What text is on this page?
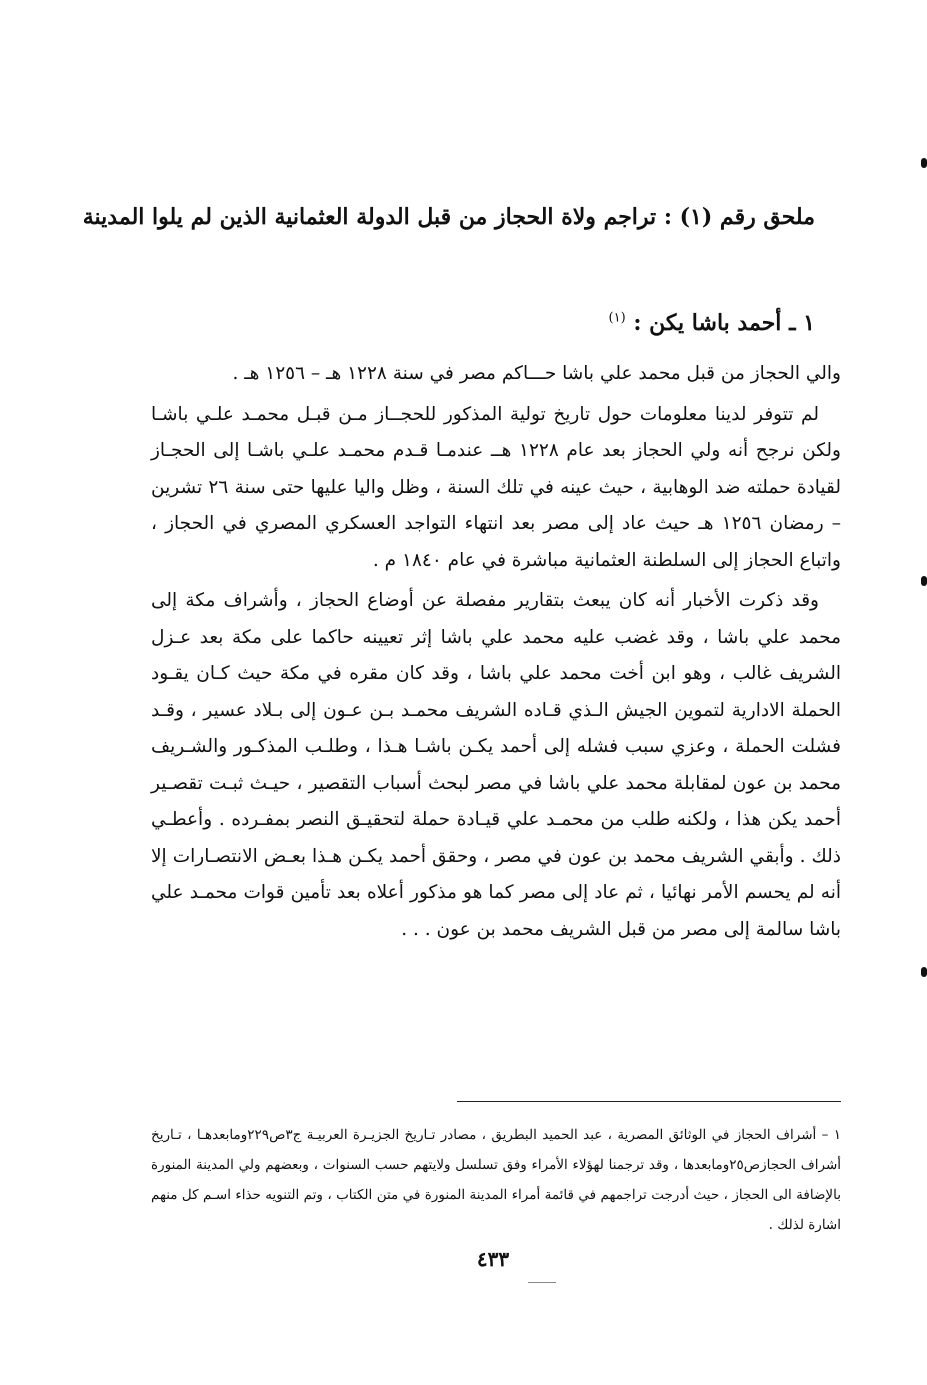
ملحق رقم (١) : تراجم ولاة الحجاز من قبل الدولة العثمانية الذين لم يلوا المدينة
١ ـ أحمد باشا يكن : $^{(١)}$

والي الحجاز من قبل محمد علي باشا حـــاكم مصر في سنة ١٢٢٨ هـ – ١٢٥٦ هـ .

لم تتوفر لدينا معلومات حول تاريخ تولية المذكور للحجــاز مـن قبـل محمـد علـي باشـا ولكن نرجح أنه ولي الحجاز بعد عام ١٢٢٨ هــ عندمـا قـدم محمـد علـي باشـا إلى الحجـاز لقيادة حملته ضد الوهابية ، حيث عينه في تلك السنة ، وظل واليا عليها حتى سنة ٢٦ تشرين – رمضان ١٢٥٦ هـ حيث عاد إلى مصر بعد انتهاء التواجد العسكري المصري في الحجاز ، واتباع الحجاز إلى السلطنة العثمانية مباشرة في عام ١٨٤٠ م .

وقد ذكرت الأخبار أنه كان يبعث بتقارير مفصلة عن أوضاع الحجاز ، وأشراف مكة إلى محمد علي باشا ، وقد غضب عليه محمد علي باشا إثر تعيينه حاكما على مكة بعد عـزل الشريف غالب ، وهو ابن أخت محمد علي باشا ، وقد كان مقره في مكة حيث كـان يقـود الحملة الادارية لتموين الجيش الـذي قـاده الشريف محمـد بـن عـون إلى بـلاد عسير ، وقـد فشلت الحملة ، وعزي سبب فشله إلى أحمد يكـن باشـا هـذا ، وطلـب المذكـور والشـريف محمد بن عون لمقابلة محمد علي باشا في مصر لبحث أسباب التقصير ، حيـث ثبـت تقصـير أحمد يكن هذا ، ولكنه طلب من محمـد علي قيـادة حملة لتحقيـق النصر بمفـرده . وأعطـي ذلك . وأبقي الشريف محمد بن عون في مصر ، وحقق أحمد يكـن هـذا بعـض الانتصـارات إلا أنه لم يحسم الأمر نهائيا ، ثم عاد إلى مصر كما هو مذكور أعلاه بعد تأمين قوات محمـد علي باشا سالمة إلى مصر من قبل الشريف محمد بن عون . . .

١ – أشراف الحجاز في الوثائق المصرية ، عبد الحميد البطريق ، مصادر تـاريخ الجزيـرة العربيـة ج٣ص٢٢٩ومابعدهـا ، تـاريخ أشراف الحجازص٢٥ومابعدها ، وقد ترجمنا لهؤلاء الأمراء وفق تسلسل ولايتهم حسب السنوات ، وبعضهم ولي المدينة المنورة بالإضافة الى الحجاز ، حيث أدرجت تراجمهم في قائمة أمراء المدينة المنورة في متن الكتاب ، وتم التنويه حذاء اسـم كل منهم اشارة لذلك .

٤٣٣
